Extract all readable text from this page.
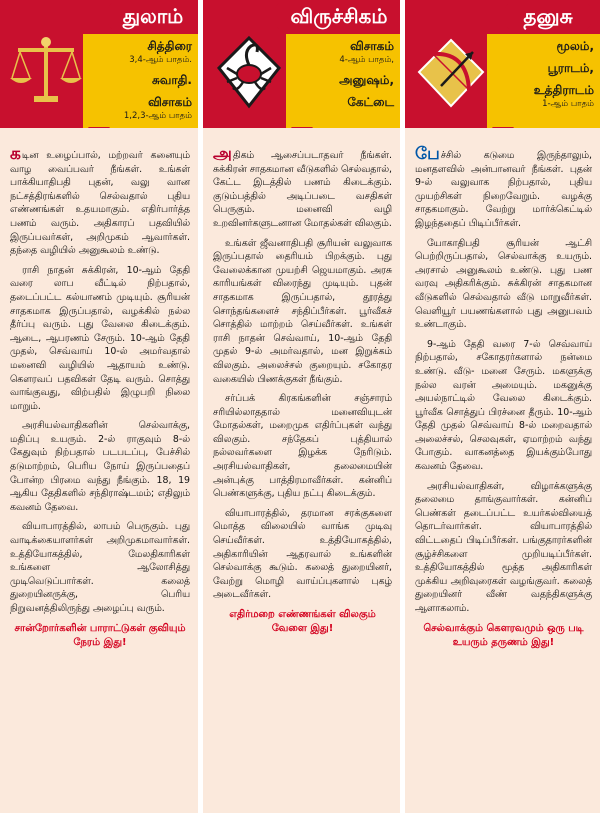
துலாம்
சித்திரை
3,4-ஆம் பாதம்.
சுவாதி.
விசாகம்
1,2,3-ஆம் பாதம்

கடின உழைப்பால், மற்றவர் கனையும் வாழ வைப்பவர் நீங்கள். உங்கள் பாக்கியாதிபதி புதன், வலு வான நட்சத்திரங்களில் செல்வதால் புதிய எண்ணங்கள் உதயமாகும். எதிர்பார்த்த பணம் வரும். அதிகாரப் பதவியில் இருப்பவர்கள், அறிமுகம் ஆவார்கள். தந்தை வழியில் அனுகூலம் உண்டு.

ராசி நாதன் சுக்கிரன், 10-ஆம் தேதி வரை லாப வீட்டில் நிற்பதால், தடைப்பட்ட கல்யாணம் முடியும். சூரியன் சாதகமாக இருப்பதால், வழக்கில் நல்ல தீர்ப்பு வரும். புது வேலை கிடைக்கும். ஆடை, ஆபரணம் சேரும். 10-ஆம் தேதி முதல், செவ்வாய் 10-ல் அமர்வதால் மனைவி வழியில் ஆதாயம் உண்டு. கௌரவப் பதவிகள் தேடி வரும். சொத்து வாங்குவது, விற்பதில் இழுபறி நிலை மாறும்.

அரசியல்வாதிகளின் செல்வாக்கு, மதிப்பு உயரும். 2-ல் ராகுவும் 8-ல் கேதுவும் நிற்பதால் படபடப்பு, பேச்சில் தடுமாற்றம், பெரிய நோய் இருப்பதைப் போன்ற பிரமை வந்து நீங்கும். 18, 19 ஆகிய தேதிகளில் சந்திராஷ்டமம்; எதிலும் கவனம் தேவை.

வியாபாரத்தில், லாபம் பெருகும். புது வாடிக்கையாளர்கள் அறிமுகமாவார்கள். உத்தியோகத்தில், மேலதிகாரிகள் உங்களை ஆலோசித்து முடிவெடுப்பார்கள். கலைத் துறையினருக்கு, பெரிய நிறுவனத்திலிருந்து அழைப்பு வரும்.

சான்றோர்களின் பாராட்டுகள் குவியும் நேரம் இது!
விருச்சிகம்
விசாகம்
4-ஆம் பாதம்,
அனுஷம்,
கேட்டை

அதிகம் ஆசைப்படாதவர் நீங்கள். சுக்கிரன் சாதகமான வீடுகளில் செல்வதால், கேட்ட இடத்தில் பணம் கிடைக்கும். குடும்பத்தில் அடிப்படை வசதிகள் பெருகும். மனைவி வழி உறவினர்களுடனான மோதல்கள் விலகும்.

உங்கள் ஜீவனாதிபதி சூரியன் வலுவாக இருப்பதால் தைரியம் பிறக்கும். புது வேலைக்கான முயற்சி ஜெயமாகும். அரசு காரியங்கள் விரைந்து முடியும். புதன் சாதகமாக இருப்பதால், தூரத்து சொந்தங்களைச் சந்திப்பீர்கள். பூர்வீகச் சொத்தில் மாற்றம் செய்வீர்கள். உங்கள் ராசி நாதன் செவ்வாய், 10-ஆம் தேதி முதல் 9-ல் அமர்வதால், மன இறுக்கம் விலகும். அலைச்சல் குறையும். சகோதர வகையில் பிணக்குகள் நீங்கும்.

சர்ப்பக் கிரகங்களின் சஞ்சாரம் சரியில்லாததால் மனைவியுடன் மோதல்கள், மறைமுக எதிர்ப்புகள் வந்து விலகும். சந்தேகப் புத்தியால் நல்லவர்களை இழக்க நேரிடும். அரசியல்வாதிகள், தலைமையின் அன்புக்கு பாத்திரமாவீர்கள். கன்னிப் பெண்களுக்கு, புதிய நட்பு கிடைக்கும்.

வியாபாரத்தில், தரமான சரக்குகளை மொத்த விலையில் வாங்க முடிவு செய்வீர்கள். உத்தியோகத்தில், அதிகாரியின் ஆதரவால் உங்களின் செல்வாக்கு கூடும். கலைத் துறையினர், வேற்று மொழி வாய்ப்புகளால் புகழ் அடைவீர்கள்.

எதிர்மறை எண்ணங்கள் விலகும் வேளை இது!
தனுசு
மூலம்,
பூராடம்,
உத்திராடம்
1-ஆம் பாதம்

பேச்சில் கடுமை இருந்தாலும், மனதளவில் அன்பானவர் நீங்கள். புதன் 9-ல் வலுவாக நிற்பதால், புதிய முயற்சிகள் நிறைவேறும். வழக்கு சாதகமாகும். வேற்று மார்க்கெட்டில் இழந்ததைப் பிடிப்பீர்கள்.

யோகாதிபதி சூரியன் ஆட்சி பெற்றிருப்பதால், செல்வாக்கு உயரும். அரசால் அனுகூலம் உண்டு. புது பண வரவு அதிகரிக்கும். சுக்கிரன் சாதகமான வீடுகளில் செல்வதால் வீடு மாறுவீர்கள். வெளியூர் பயணங்களால் புது அனுபவம் உண்டாகும்.

9-ஆம் தேதி வரை 7-ல் செவ்வாய் நிற்பதால், சகோதரர்களால் நன்மை உண்டு. வீடு- மனை சேரும். மகளுக்கு நல்ல வரன் அமையும். மகனுக்கு அயல்நாட்டில் வேலை கிடைக்கும். பூர்வீக சொத்துப் பிரச்னை தீரும். 10-ஆம் தேதி முதல் செவ்வாய் 8-ல் மறைவதால் அலைச்சல், செலவுகள், ஏமாற்றம் வந்து போகும். வாகனத்தை இயக்கும்போது கவனம் தேவை.

அரசியல்வாதிகள், விழாக்களுக்கு தலைமை தாங்குவார்கள். கன்னிப் பெண்கள் தடைப்பட்ட உயர்கல்வியைத் தொடர்வார்கள். வியாபாரத்தில் விட்டதைப் பிடிப்பீர்கள். பங்குதாரர்களின் சூழ்ச்சிகளை முறியடிப்பீர்கள். உத்தியோகத்தில் மூத்த அதிகாரிகள் முக்கிய அறிவுரைகள் வழங்குவர். கலைத் துறையினர் வீண் வதந்திகளுக்கு ஆளாகலாம்.

செல்வாக்கும் கௌரவமும் ஒரு படி உயரும் தருணம் இது!
